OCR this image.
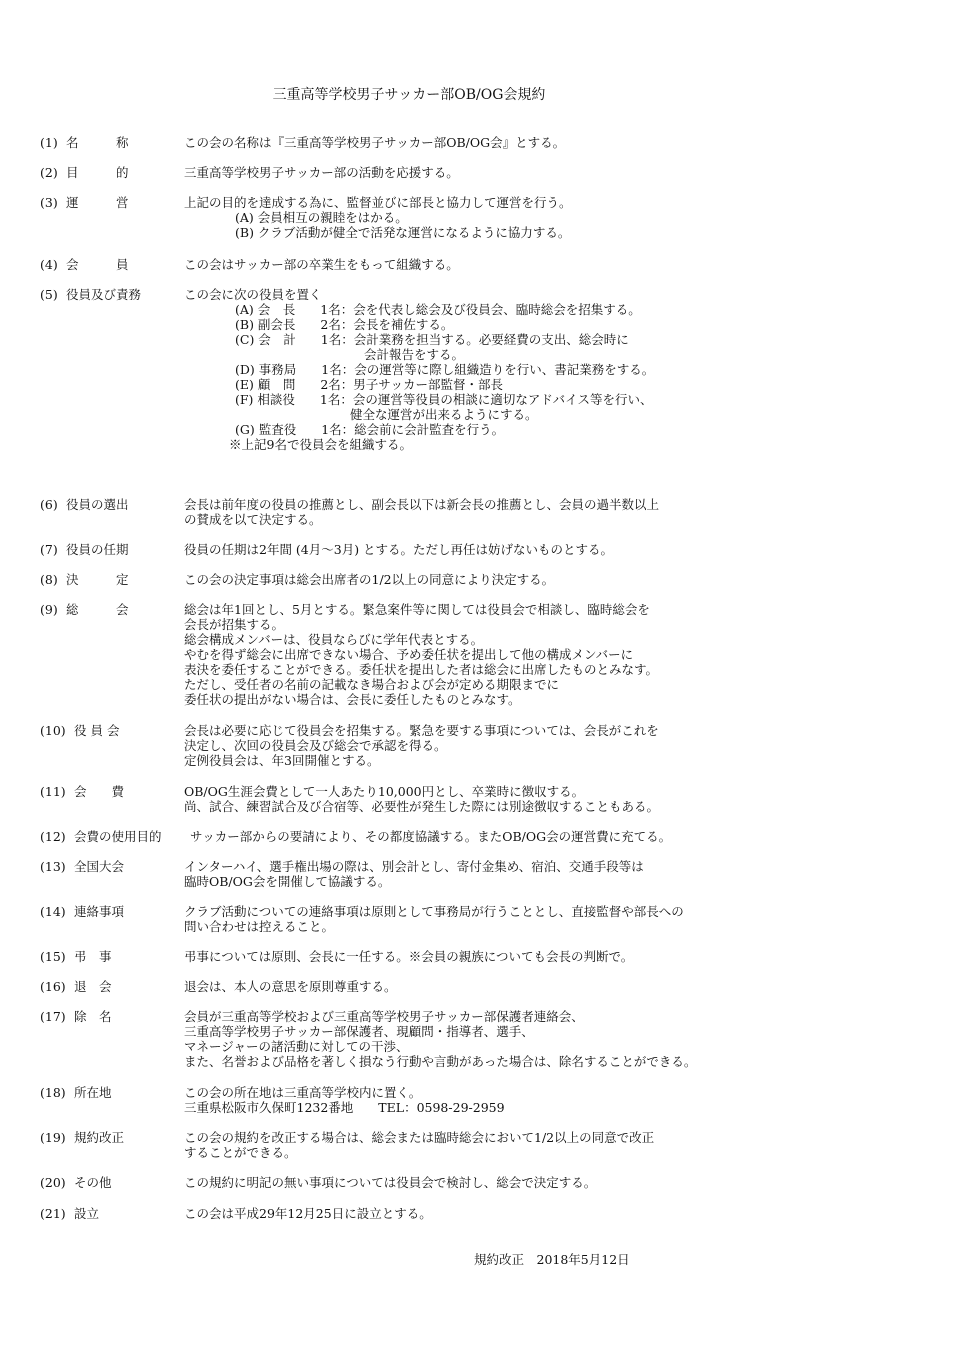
三重高等学校男子サッカー部OB/OG会規約
(1) 名　　　称	この会の名称は『三重高等学校男子サッカー部OB/OG会』とする。
(2) 目　　　的	三重高等学校男子サッカー部の活動を応援する。
(3) 運　　　営	上記の目的を達成する為に、監督並びに部長と協力して運営を行う。
(A) 会員相互の親睦をはかる。
(B) クラブ活動が健全で活発な運営になるように協力する。
(4) 会　　　員	この会はサッカー部の卒業生をもって組織する。
(5) 役員及び責務	この会に次の役員を置く
(A) 会　長　　1名：会を代表し総会及び役員会、臨時総会を招集する。
(B) 副会長　　2名：会長を補佐する。
(C) 会　計　　1名：会計業務を担当する。必要経費の支出、総会時に
会計報告をする。
(D) 事務局　　1名：会の運営等に際し組織造りを行い、書記業務をする。
(E) 顧　問　　2名：男子サッカー部監督・部長
(F) 相談役　　1名：会の運営等役員の相談に適切なアドバイス等を行い、
健全な運営が出来るようにする。
(G) 監査役　　1名：総会前に会計監査を行う。
※上記9名で役員会を組織する。
(6) 役員の選出	会長は前年度の役員の推薦とし、副会長以下は新会長の推薦とし、会員の過半数以上
の賛成を以て決定する。
(7) 役員の任期	役員の任期は2年間 (4月～3月) とする。ただし再任は妨げないものとする。
(8) 決　　　定	この会の決定事項は総会出席者の1/2以上の同意により決定する。
(9) 総　　　会	総会は年1回とし、5月とする。緊急案件等に関しては役員会で相談し、臨時総会を
会長が招集する。
総会構成メンバーは、役員ならびに学年代表とする。
やむを得ず総会に出席できない場合、予め委任状を提出して他の構成メンバーに
表決を委任することができる。委任状を提出した者は総会に出席したものとみなす。
ただし、受任者の名前の記載なき場合および会が定める期限までに
委任状の提出がない場合は、会長に委任したものとみなす。
(10) 役 員 会	会長は必要に応じて役員会を招集する。緊急を要する事項については、会長がこれを
決定し、次回の役員会及び総会で承認を得る。
定例役員会は、年3回開催とする。
(11) 会　　費	OB/OG生涯会費として一人あたり10,000円とし、卒業時に徴収する。
尚、試合、練習試合及び合宿等、必要性が発生した際には別途徴収することもある。
(12) 会費の使用目的 サッカー部からの要請により、その都度協議する。またOB/OG会の運営費に充てる。
(13) 全国大会	インターハイ、選手権出場の際は、別会計とし、寄付金集め、宿泊、交通手段等は
臨時OB/OG会を開催して協議する。
(14) 連絡事項	クラブ活動についての連絡事項は原則として事務局が行うこととし、直接監督や部長への
問い合わせは控えること。
(15) 弔　事	弔事については原則、会長に一任する。※会員の親族についても会長の判断で。
(16) 退　会	退会は、本人の意思を原則尊重する。
(17) 除　名	会員が三重高等学校および三重高等学校男子サッカー部保護者連絡会、
三重高等学校男子サッカー部保護者、現顧問・指導者、選手、
マネージャーの諸活動に対しての干渉、
また、名誉および品格を著しく損なう行動や言動があった場合は、除名することができる。
(18) 所在地	この会の所在地は三重高等学校内に置く。
三重県松阪市久保町1232番地　　TEL：0598-29-2959
(19) 規約改正	この会の規約を改正する場合は、総会または臨時総会において1/2以上の同意で改正
することができる。
(20) その他	この規約に明記の無い事項については役員会で検討し、総会で決定する。
(21) 設立	この会は平成29年12月25日に設立とする。
規約改正　2018年5月12日
